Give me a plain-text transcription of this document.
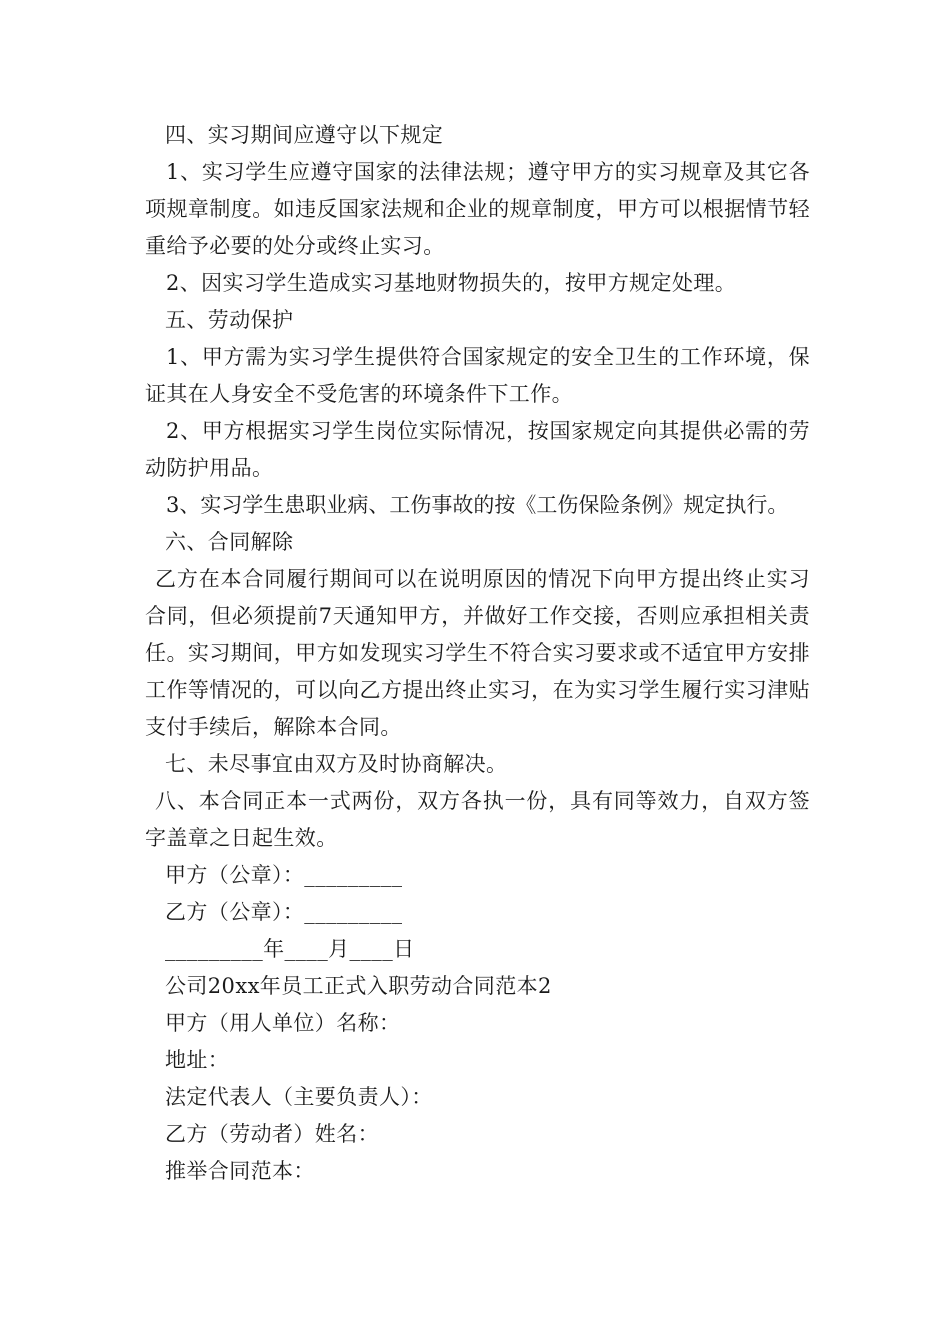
四、实习期间应遵守以下规定

1、实习学生应遵守国家的法律法规；遵守甲方的实习规章及其它各项规章制度。如违反国家法规和企业的规章制度，甲方可以根据情节轻重给予必要的处分或终止实习。

2、因实习学生造成实习基地财物损失的，按甲方规定处理。

五、劳动保护

1、甲方需为实习学生提供符合国家规定的安全卫生的工作环境，保证其在人身安全不受危害的环境条件下工作。

2、甲方根据实习学生岗位实际情况，按国家规定向其提供必需的劳动防护用品。

3、实习学生患职业病、工伤事故的按《工伤保险条例》规定执行。

六、合同解除

乙方在本合同履行期间可以在说明原因的情况下向甲方提出终止实习合同，但必须提前7天通知甲方，并做好工作交接，否则应承担相关责任。实习期间，甲方如发现实习学生不符合实习要求或不适宜甲方安排工作等情况的，可以向乙方提出终止实习，在为实习学生履行实习津贴支付手续后，解除本合同。

七、未尽事宜由双方及时协商解决。

八、本合同正本一式两份，双方各执一份，具有同等效力，自双方签字盖章之日起生效。

甲方（公章）：_________

乙方（公章）：_________

_________年____月____日

公司20xx年员工正式入职劳动合同范本2

甲方（用人单位）名称：

地址：

法定代表人（主要负责人）：

乙方（劳动者）姓名：

推举合同范本：
